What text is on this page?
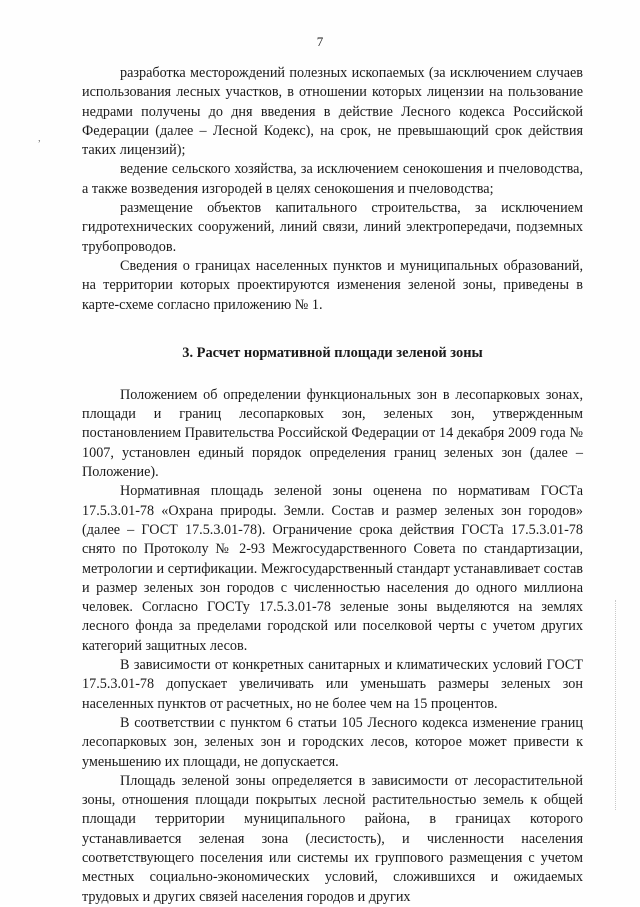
7
,

разработка месторождений полезных ископаемых (за исключением случаев использования лесных участков, в отношении которых лицензии на пользование недрами получены до дня введения в действие Лесного кодекса Российской Федерации (далее – Лесной Кодекс), на срок, не превышающий срок действия таких лицензий);

ведение сельского хозяйства, за исключением сенокошения и пчеловодства, а также возведения изгородей в целях сенокошения и пчеловодства;

размещение объектов капитального строительства, за исключением гидротехнических сооружений, линий связи, линий электропередачи, подземных трубопроводов.

Сведения о границах населенных пунктов и муниципальных образований, на территории которых проектируются изменения зеленой зоны, приведены в карте-схеме согласно приложению № 1.

3. Расчет нормативной площади зеленой зоны

Положением об определении функциональных зон в лесопарковых зонах, площади и границ лесопарковых зон, зеленых зон, утвержденным постановлением Правительства Российской Федерации от 14 декабря 2009 года № 1007, установлен единый порядок определения границ зеленых зон (далее – Положение).

Нормативная площадь зеленой зоны оценена по нормативам ГОСТа 17.5.3.01-78 «Охрана природы. Земли. Состав и размер зеленых зон городов» (далее – ГОСТ 17.5.3.01-78). Ограничение срока действия ГОСТа 17.5.3.01-78 снято по Протоколу № 2-93 Межгосударственного Совета по стандартизации, метрологии и сертификации. Межгосударственный стандарт устанавливает состав и размер зеленых зон городов с численностью населения до одного миллиона человек. Согласно ГОСТу 17.5.3.01-78 зеленые зоны выделяются на землях лесного фонда за пределами городской или поселковой черты с учетом других категорий защитных лесов.

В зависимости от конкретных санитарных и климатических условий ГОСТ 17.5.3.01-78 допускает увеличивать или уменьшать размеры зеленых зон населенных пунктов от расчетных, но не более чем на 15 процентов.

В соответствии с пунктом 6 статьи 105 Лесного кодекса изменение границ лесопарковых зон, зеленых зон и городских лесов, которое может привести к уменьшению их площади, не допускается.

Площадь зеленой зоны определяется в зависимости от лесорастительной зоны, отношения площади покрытых лесной растительностью земель к общей площади территории муниципального района, в границах которого устанавливается зеленая зона (лесистость), и численности населения соответствующего поселения или системы их группового размещения с учетом местных социально-экономических условий, сложившихся и ожидаемых трудовых и других связей населения городов и других
